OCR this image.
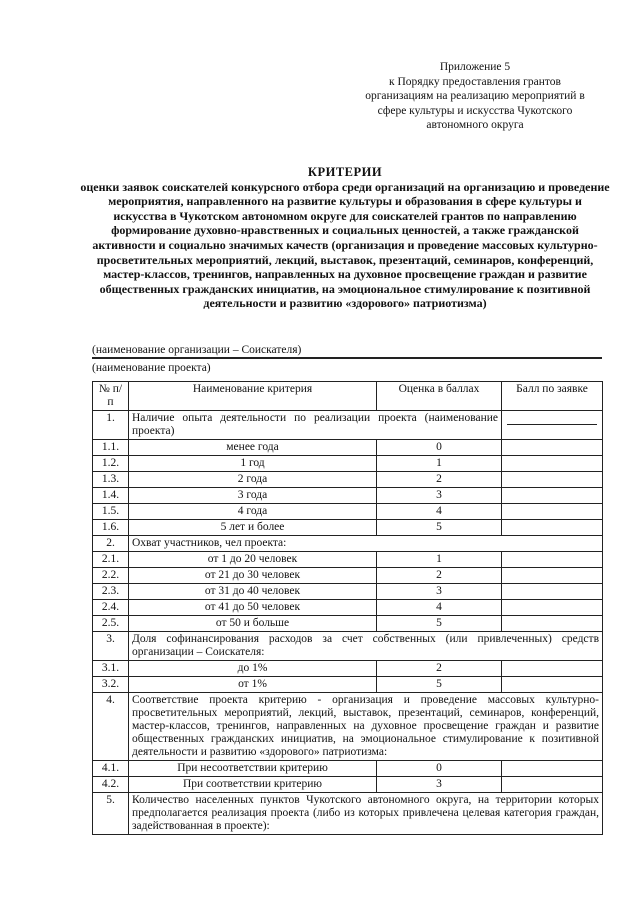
Приложение 5
к Порядку предоставления грантов
организациям на реализацию мероприятий в
сфере культуры и искусства Чукотского
автономного округа
КРИТЕРИИ
оценки заявок соискателей конкурсного отбора среди организаций на организацию и проведение мероприятия, направленного на развитие культуры и образования в сфере культуры и искусства в Чукотском автономном округе для соискателей грантов по направлению формирование духовно-нравственных и социальных ценностей, а также гражданской активности и социально значимых качеств (организация и проведение массовых культурно-просветительных мероприятий, лекций, выставок, презентаций, семинаров, конференций, мастер-классов, тренингов, направленных на духовное просвещение граждан и развитие общественных гражданских инициатив, на эмоциональное стимулирование к позитивной деятельности и развитию «здорового» патриотизма)
(наименование организации – Соискателя)
(наименование проекта)
№ п/п	Наименование критерия	Оценка в баллах	Балл по заявке
1.	Наличие опыта деятельности по реализации проекта (наименование проекта)		

1.1.	менее года	0	
1.2.	1 год	1	
1.3.	2 года	2	
1.4.	3 года	3	
1.5.	4 года	4	
1.6.	5 лет и более	5	
2.	Охват участников, чел проекта:		
2.1.	от 1 до 20 человек	1	
2.2.	от 21 до 30 человек	2	
2.3.	от 31 до 40 человек	3	
2.4.	от 41 до 50 человек	4	
2.5.	от 50 и больше	5	
3.	Доля софинансирования расходов за счет собственных (или привлеченных) средств организации – Соискателя:		
3.1.	до 1%	2	
3.2.	от 1%	5	
4.	Соответствие проекта критерию - организация и проведение массовых культурно-просветительных мероприятий, лекций, выставок, презентаций, семинаров, конференций, мастер-классов, тренингов, направленных на духовное просвещение граждан и развитие общественных гражданских инициатив, на эмоциональное стимулирование к позитивной деятельности и развитию «здорового» патриотизма:		
4.1.	При несоответствии критерию	0	
4.2.	При соответствии критерию	3	
5.	Количество населенных пунктов Чукотского автономного округа, на территории которых предполагается реализация проекта (либо из которых привлечена целевая категория граждан, задействованная в проекте):		
